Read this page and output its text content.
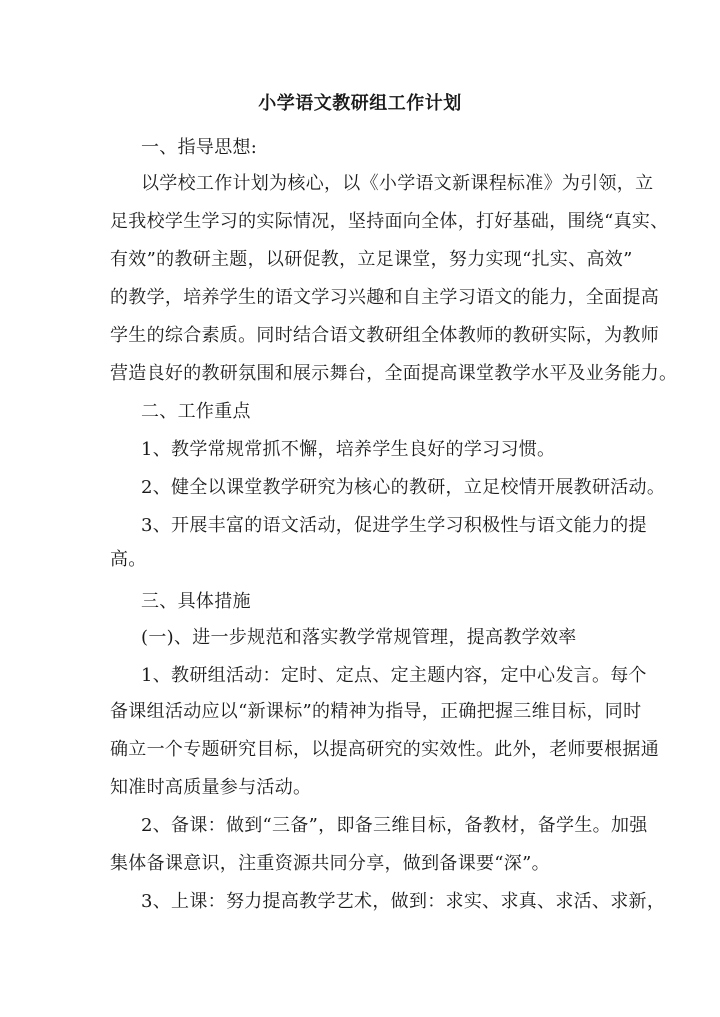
小学语文教研组工作计划
一、指导思想:
以学校工作计划为核心，以《小学语文新课程标准》为引领，立
足我校学生学习的实际情况，坚持面向全体，打好基础，围绕“真实、
有效”的教研主题，以研促教，立足课堂，努力实现“扎实、高效”
的教学，培养学生的语文学习兴趣和自主学习语文的能力，全面提高
学生的综合素质。同时结合语文教研组全体教师的教研实际，为教师
营造良好的教研氛围和展示舞台，全面提高课堂教学水平及业务能力。
二、工作重点
1、教学常规常抓不懈，培养学生良好的学习习惯。
2、健全以课堂教学研究为核心的教研，立足校情开展教研活动。
3、开展丰富的语文活动，促进学生学习积极性与语文能力的提
高。
三、具体措施
(一)、进一步规范和落实教学常规管理，提高教学效率
1、教研组活动：定时、定点、定主题内容，定中心发言。每个
备课组活动应以“新课标”的精神为指导，正确把握三维目标，同时
确立一个专题研究目标，以提高研究的实效性。此外，老师要根据通
知准时高质量参与活动。
2、备课：做到“三备”，即备三维目标，备教材，备学生。加强
集体备课意识，注重资源共同分享，做到备课要“深”。
3、上课：努力提高教学艺术，做到：求实、求真、求活、求新，
